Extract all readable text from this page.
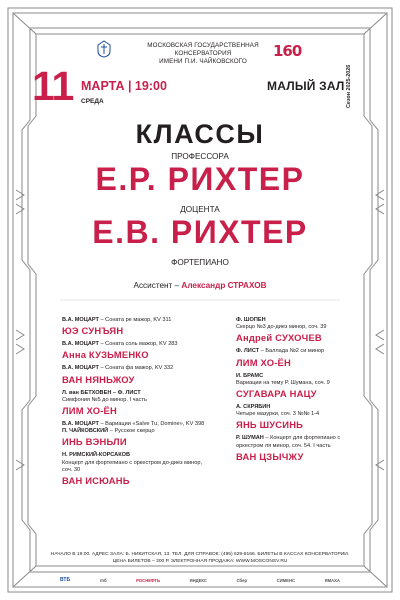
МОСКОВСКАЯ ГОСУДАРСТВЕННАЯ КОНСЕРВАТОРИЯ
ИМЕНИ П.И. ЧАЙКОВСКОГО
160
Сезон 2025-2026
11 МАРТА | 19:00
СРЕДА
МАЛЫЙ ЗАЛ
КЛАССЫ
ПРОФЕССОРА
Е.Р. РИХТЕР
ДОЦЕНТА
Е.В. РИХТЕР
ФОРТЕПИАНО
Ассистент – Александр СТРАХОВ
В.А. МОЦАРТ – Соната ре мажор, KV 311
ЮЭ СУНЪЯН
В.А. МОЦАРТ – Соната соль мажор, KV 283
Анна КУЗЬМЕНКО
В.А. МОЦАРТ – Соната фа мажор, KV 332
ВАН НЯНЬЖОУ
Л. ван БЕТХОВЕН – Ф. ЛИСТ
Симфония №5 до минор. I часть
ЛИМ ХО-ЁН
В.А. МОЦАРТ – Вариации «Salve Tu, Domine», KV 398
П. ЧАЙКОВСКИЙ – Русское скерцо
ИНЬ ВЭНЬЛИ
Н. РИМСКИЙ-КОРСАКОВ
Концерт для фортепиано с оркестром до-диез минор, соч. 30
ВАН ИСЮАНЬ
Ф. ШОПЕН
Скерцо №3 до-диез минор, соч. 39
Андрей СУХОЧЕВ
Ф. ЛИСТ – Баллада №2 си минор
ЛИМ ХО-ЁН
И. БРАМС
Вариации на тему Р. Шумана, соч. 9
СУГАВАРА НАЦУ
А. СКРЯБИН
Четыре мазурки, соч. 3 №№ 1-4
ЯНЬ ШУСИНЬ
Р. ШУМАН – Концерт для фортепиано с оркестром ля минор, соч. 54. I часть
ВАН ЦЗЫЧЖУ
НАЧАЛО В 19:00. АДРЕС ЗАЛА: Б. НИКИТСКАЯ, 13. ТЕЛ. ДЛЯ СПРАВОК: (495) 629-9166. БИЛЕТЫ В КАССАХ КОНСЕРВАТОРИИ.
ЦЕНА БИЛЕТОВ – 300 Р. ЭЛЕКТРОННАЯ ПРОДАЖА: WWW.MOSCONSV.RU
ВТБ	гпб	РОСНЕФТЬ	ЯНДЕКС	Сбер	СИМЕНС	ЯМАХА
